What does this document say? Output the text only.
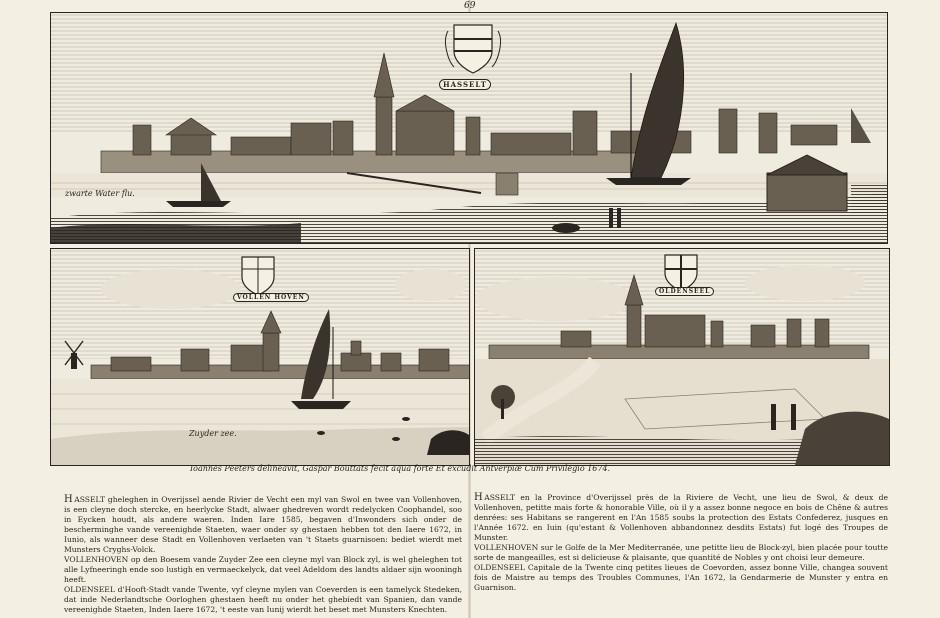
69
HASSELT
zwarte Water flu.
VOLLEN HOVEN
Zuyder zee.
OLDENSEEL
Ioannes Peeters delineavit, Gaspar Bouttats fecit aqua forte Et excudit Antverpiæ Cum Privilegio 1674.

HASSELT gheleghen in Overijssel aende Rivier de Vecht een myl van Swol en twee van Vollenhoven, is een cleyne doch stercke, en heerlycke Stadt, alwaer ghedreven wordt redelycken Coophandel, soo in Eycken houdt, als andere waeren. Inden Iare 1585, begaven d'Inwonders sich onder de bescherminghe vande vereenighde Staeten, waer onder sy ghestaen hebben tot den Iaere 1672, in Iunio, als wanneer dese Stadt en Vollenhoven verlaeten van 't Staets guarnisoen: bediet wierdt met Munsters Cryghs-Volck.

VOLLENHOVEN op den Boesem vande Zuyder Zee een cleyne myl van Block zyl, is wel gheleghen tot alle Lyfneeringh ende soo lustigh en vermaeckelyck, dat veel Adeldom des landts aldaer sijn wooningh heeft.

OLDENSEEL d'Hooft-Stadt vande Twente, vyf cleyne mylen van Coeverden is een tamelyck Stedeken, dat inde Nederlandtsche Oorloghen ghestaen heeft nu onder het ghebiedt van Spanien, dan vande vereenighde Staeten, Inden Iaere 1672, 't eeste van Iunij wierdt het beset met Munsters Knechten.

HASSELT en la Province d'Overijssel près de la Riviere de Vecht, une lieu de Swol, & deux de Vollenhoven, petitte mais forte & honorable Ville, où il y a assez bonne negoce en bois de Chêne & autres denrées: ses Habitans se rangerent en l'An 1585 soubs la protection des Estats Confederez, jusques en l'Année 1672. en Iuin (qu'estant & Vollenhoven abbandonnez desdits Estats) fut logé des Troupes de Munster.

VOLLENHOVEN sur le Golfe de la Mer Mediterranée, une petitte lieu de Block-zyl, bien placée pour toutte sorte de mangeailles, est si delicieuse & plaisante, que quantité de Nobles y ont choisi leur demeure.

OLDENSEEL Capitale de la Twente cinq petites lieues de Coevorden, assez bonne Ville, changea souvent fois de Maistre au temps des Troubles Communes, l'An 1672, la Gendarmerie de Munster y entra en Guarnison.
